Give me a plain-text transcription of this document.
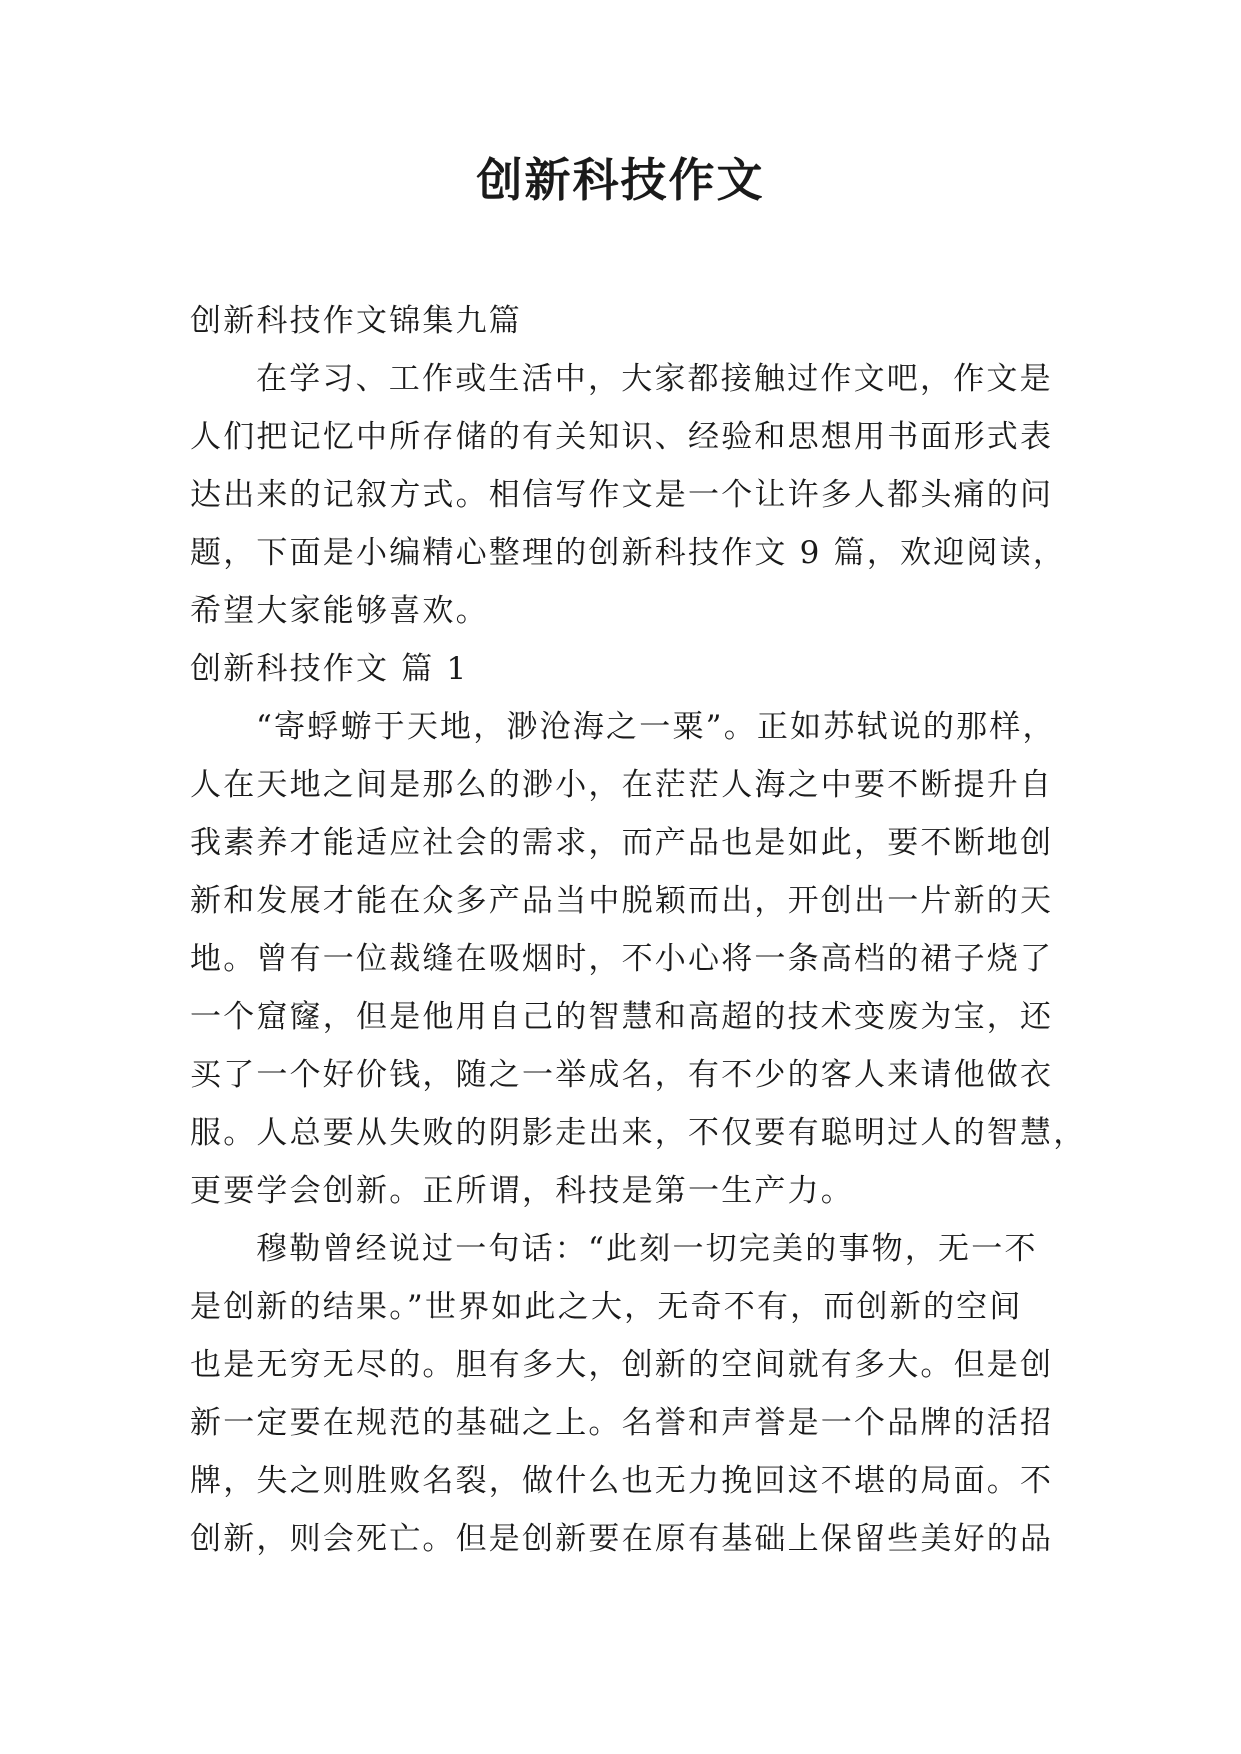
创新科技作文

创新科技作文锦集九篇

在学习、工作或生活中，大家都接触过作文吧，作文是

人们把记忆中所存储的有关知识、经验和思想用书面形式表

达出来的记叙方式。相信写作文是一个让许多人都头痛的问

题，下面是小编精心整理的创新科技作文 9 篇，欢迎阅读，

希望大家能够喜欢。

创新科技作文 篇 1

“寄蜉蝣于天地，渺沧海之一粟”。正如苏轼说的那样，

人在天地之间是那么的渺小，在茫茫人海之中要不断提升自

我素养才能适应社会的需求，而产品也是如此，要不断地创

新和发展才能在众多产品当中脱颖而出，开创出一片新的天

地。曾有一位裁缝在吸烟时，不小心将一条高档的裙子烧了

一个窟窿，但是他用自己的智慧和高超的技术变废为宝，还

买了一个好价钱，随之一举成名，有不少的客人来请他做衣

服。人总要从失败的阴影走出来，不仅要有聪明过人的智慧，

更要学会创新。正所谓，科技是第一生产力。

穆勒曾经说过一句话：“此刻一切完美的事物，无一不

是创新的结果。”世界如此之大，无奇不有，而创新的空间

也是无穷无尽的。胆有多大，创新的空间就有多大。但是创

新一定要在规范的基础之上。名誉和声誉是一个品牌的活招

牌，失之则胜败名裂，做什么也无力挽回这不堪的局面。不

创新，则会死亡。但是创新要在原有基础上保留些美好的品
